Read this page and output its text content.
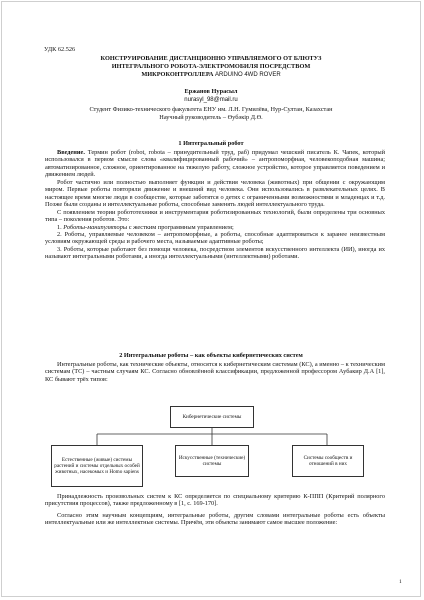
УДК 62.526
КОНСТРУИРОВАНИЕ ДИСТАНЦИОННО УПРАВЛЯЕМОГО ОТ БЛЮТУЗ
ИНТЕГРАЛЬНОГО РОБОТА-ЭЛЕКТРОМОБИЛЯ ПОСРЕДСТВОМ
МИКРОКОНТРОЛЛЕРА ARDUINO 4WD ROVER
Ержанов Нурасыл
nurasyl_98@mail.ru
Студент Физико-технического факультета ЕНУ им. Л.Н. Гумилёва, Нур-Султан, Казахстан
Научный руководитель – Өубәкір Д.Ө.
1 Интегральный робот

Введение. Термин робот (robot, robota – принудительный труд, раб) придумал чешский писатель К. Чапек, который использовался в первом смысле слова «квалифицированный рабочий» – антропоморфная, человекоподобная машина; автоматизированное, сложное, ориентированное на тяжелую работу, сложное устройство, которое управляется поведением и движением людей.

Робот частично или полностью выполняет функции и действия человека (животных) при общении с окружающим миром. Первые роботы повторяли движение и внешний вид человека. Они использовались в развлекательных целях. В настоящее время многие люди в сообществе, которые заботятся о детях с ограниченными возможностями и младенцах и т.д. Позже были созданы и интеллектуальные роботы, способные заменять людей интеллектуального труда.

С появлением теории робототехники и инструментария роботизированных технологий, были определены три основных типа – поколения роботов. Это:

1. Роботы-манипуляторы с жестким программным управлением;

2. Роботы, управляемые человеком – антропоморфные, а роботы, способные адаптироваться к заранее неизвестным условиям окружающей среды и рабочего места, называемые адаптивные роботы;

3. Роботы, которые работают без помощи человека, посредством элементов искусственного интеллекта (ИИ), иногда их называют интегральными роботами, а иногда интеллектуальными (интеллектными) роботами.

2 Интегральные роботы – как объекты кибернетических систем

Интегральные роботы, как технические объекты, относятся к кибернетическим системам (КС), а именно – к техническим системам (ТС) – частным случаям КС. Согласно обновлённой классификации, предложенной профессором Аубакир Д.А [1], КС бывают трёх типов:

Кибернетические системы
Естественные (живые) системы растений и системы отдельных особей животных, насекомых и Homo sapiens
Искусственные (технические) системы
Системы сообществ и отношений в них

Принадлежность произвольных систем к КС определяется по специальному критерию К-ППП (Критерий полярного присутствия процессов), также предложенному в [1, с. 169-170].

Согласно этим научным концепциям, интегральные роботы, другим словами интегральные роботы есть объекты интеллектуальные или же интеллектные системы. Причём, эти объекты занимают самое высшее положение:

1
